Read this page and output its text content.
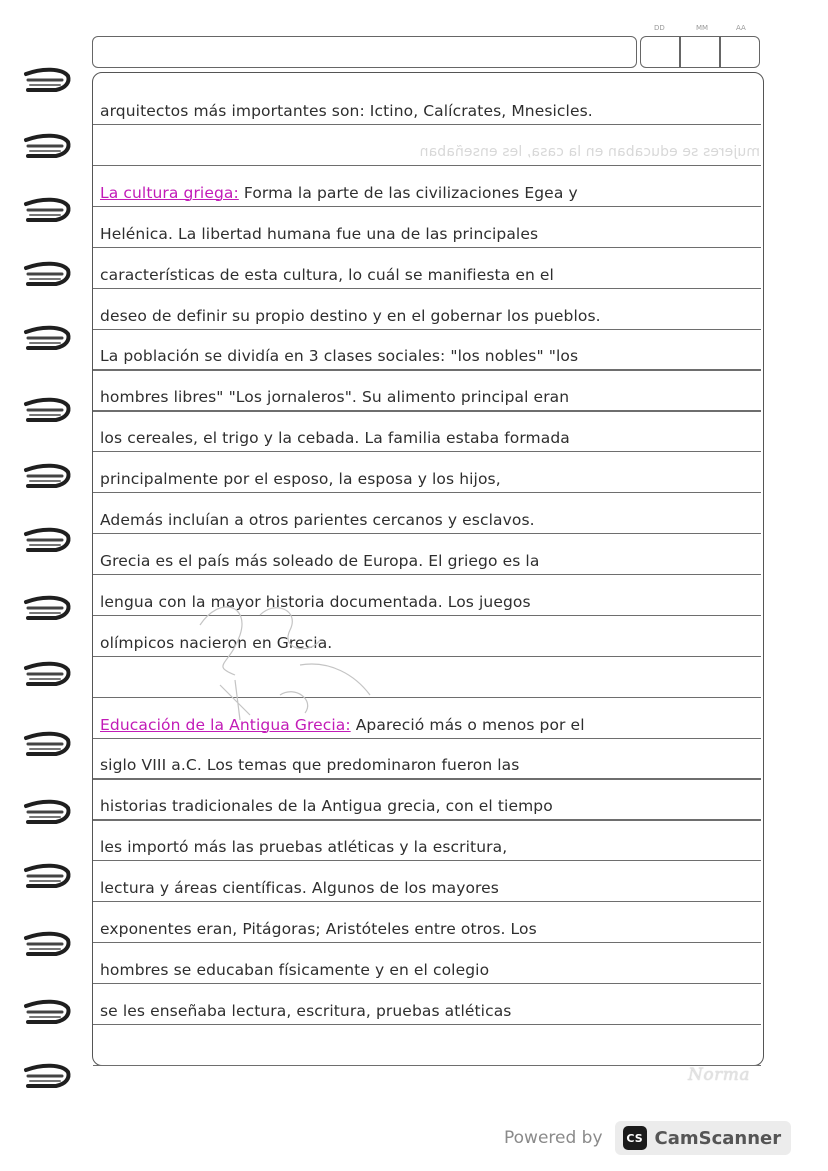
DD	MM	AA
arquitectos más importantes son: Ictino, Calícrates, Mnesicles.
mujeres se educaban en la casa, les enseñaban
La cultura griega: Forma la parte de las civilizaciones Egea y
Helénica. La libertad humana fue una de las principales
características de esta cultura, lo cuál se manifiesta en el
deseo de definir su propio destino y en el gobernar los pueblos.
La población se dividía en 3 clases sociales: "los nobles" "los
hombres libres" "Los jornaleros". Su alimento principal eran
los cereales, el trigo y la cebada. La familia estaba formada
principalmente por el esposo, la esposa y los hijos,
Además incluían a otros parientes cercanos y esclavos.
Grecia es el país más soleado de Europa. El griego es la
lengua con la mayor historia documentada. Los juegos
olímpicos nacieron en Grecia.
Educación de la Antigua Grecia: Apareció más o menos por el
siglo VIII a.C. Los temas que predominaron fueron las
historias tradicionales de la Antigua grecia, con el tiempo
les importó más las pruebas atléticas y la escritura,
lectura y áreas científicas. Algunos de los mayores
exponentes eran, Pitágoras; Aristóteles entre otros. Los
hombres se educaban físicamente y en el colegio
se les enseñaba lectura, escritura, pruebas atléticas
Norma
Powered by	CS CamScanner
